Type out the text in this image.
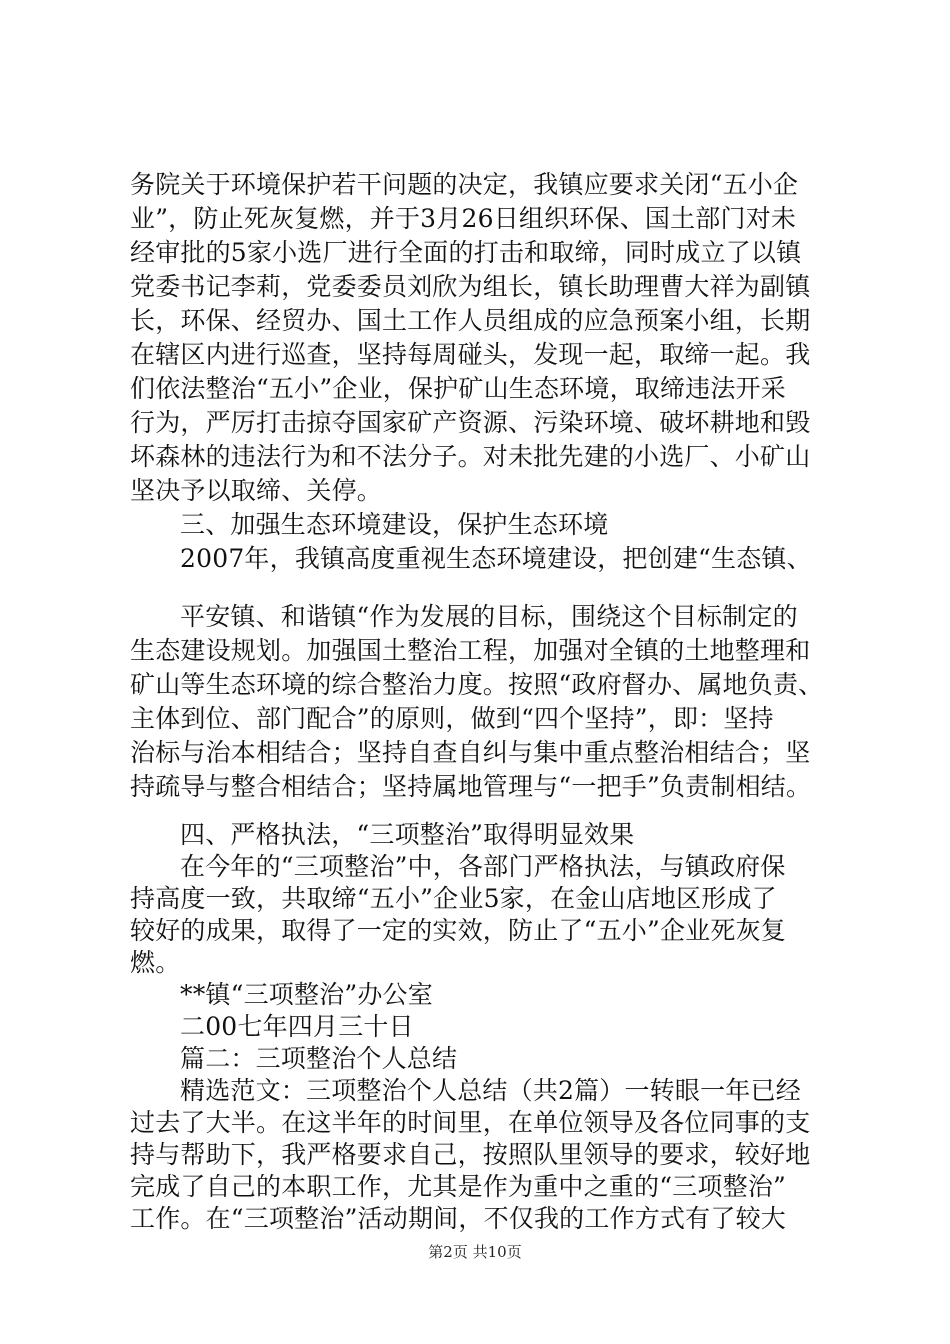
务院关于环境保护若干问题的决定，我镇应要求关闭“五小企
业”，防止死灰复燃，并于3月26日组织环保、国土部门对未
经审批的5家小选厂进行全面的打击和取缔，同时成立了以镇
党委书记李莉，党委委员刘欣为组长，镇长助理曹大祥为副镇
长，环保、经贸办、国土工作人员组成的应急预案小组，长期
在辖区内进行巡查，坚持每周碰头，发现一起，取缔一起。我
们依法整治“五小”企业，保护矿山生态环境，取缔违法开采
行为，严厉打击掠夺国家矿产资源、污染环境、破坏耕地和毁
坏森林的违法行为和不法分子。对未批先建的小选厂、小矿山
坚决予以取缔、关停。
三、加强生态环境建设，保护生态环境
2007年，我镇高度重视生态环境建设，把创建“生态镇、
平安镇、和谐镇“作为发展的目标，围绕这个目标制定的
生态建设规划。加强国土整治工程，加强对全镇的土地整理和
矿山等生态环境的综合整治力度。按照“政府督办、属地负责、
主体到位、部门配合”的原则，做到“四个坚持”，即：坚持
治标与治本相结合；坚持自查自纠与集中重点整治相结合；坚
持疏导与整合相结合；坚持属地管理与“一把手”负责制相结。
四、严格执法，“三项整治”取得明显效果
在今年的“三项整治”中，各部门严格执法，与镇政府保
持高度一致，共取缔“五小”企业5家，在金山店地区形成了
较好的成果，取得了一定的实效，防止了“五小”企业死灰复
燃。
**镇“三项整治”办公室
二00七年四月三十日
篇二：三项整治个人总结
精选范文：三项整治个人总结（共2篇）一转眼一年已经
过去了大半。在这半年的时间里，在单位领导及各位同事的支
持与帮助下，我严格要求自己，按照队里领导的要求，较好地
完成了自己的本职工作，尤其是作为重中之重的“三项整治”
第2页 共10页
工作。在“三项整治”活动期间，不仅我的工作方式有了较大
